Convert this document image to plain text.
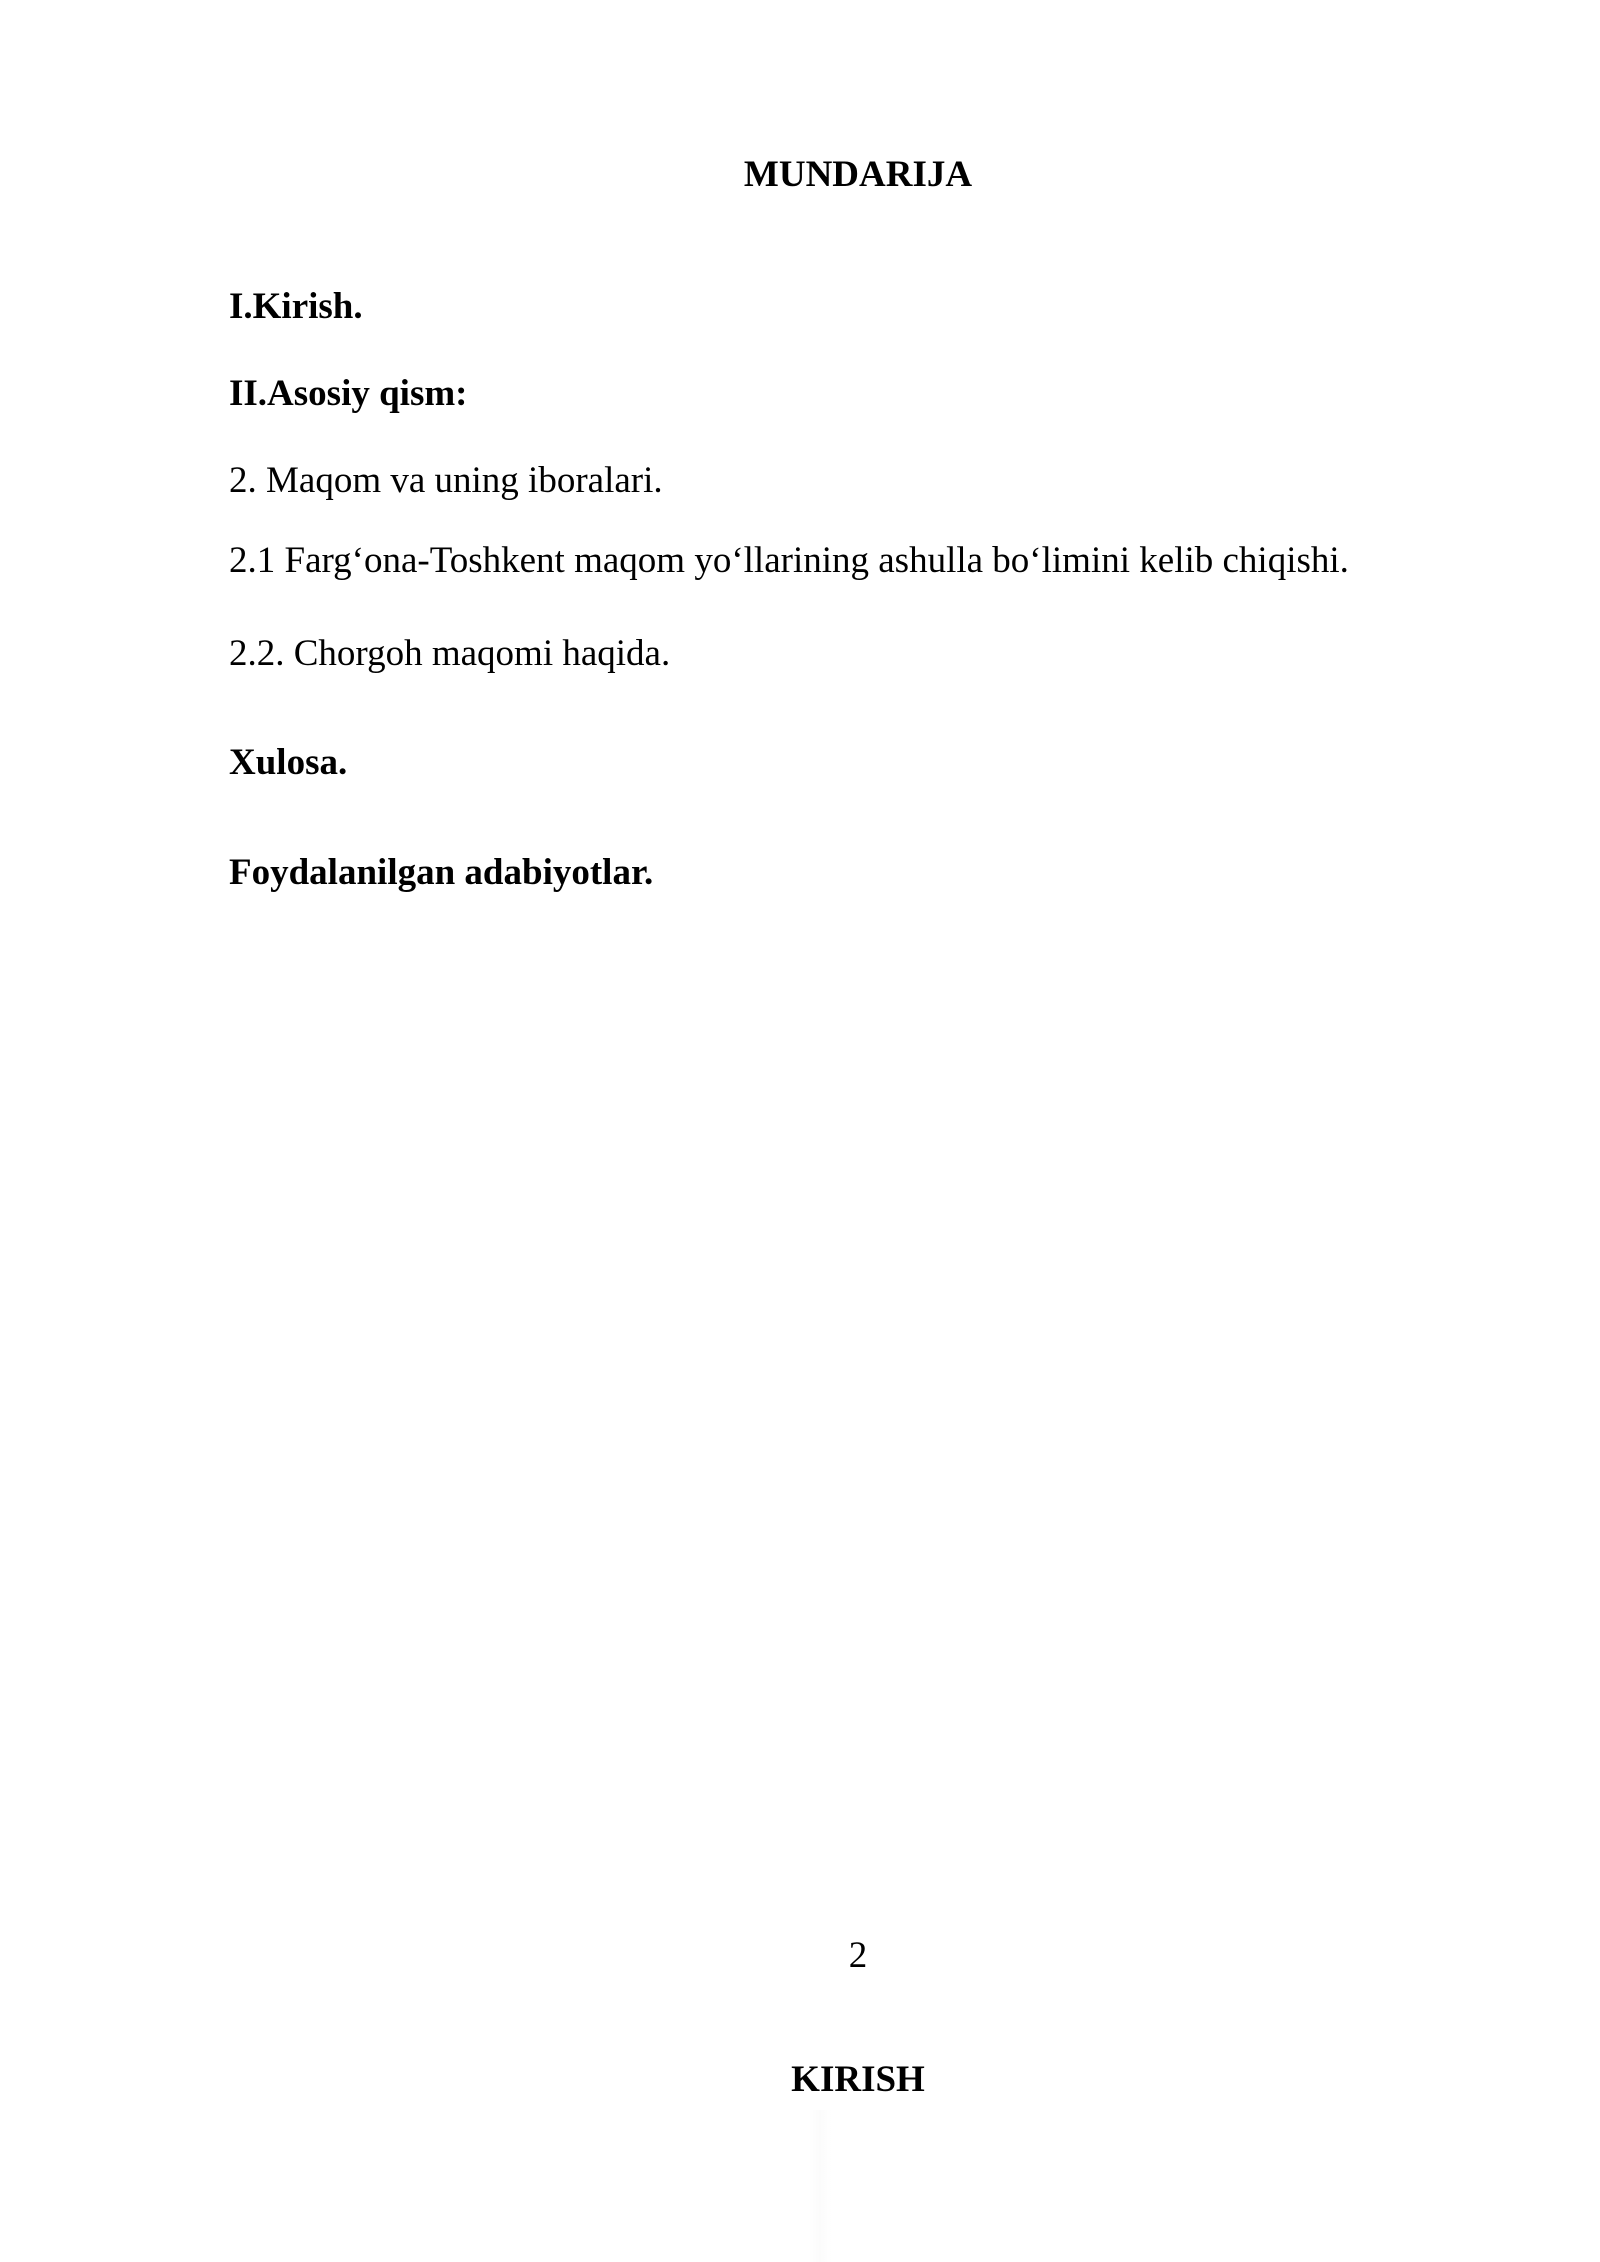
MUNDARIJA

I.Kirish.

II.Asosiy qism:

2. Maqom va uning iboralari.

2.1 Farg‘ona-Toshkent maqom yo‘llarining ashulla bo‘limini kelib chiqishi.

2.2. Chorgoh maqomi haqida.

Xulosa.

Foydalanilgan adabiyotlar.

2
KIRISH
